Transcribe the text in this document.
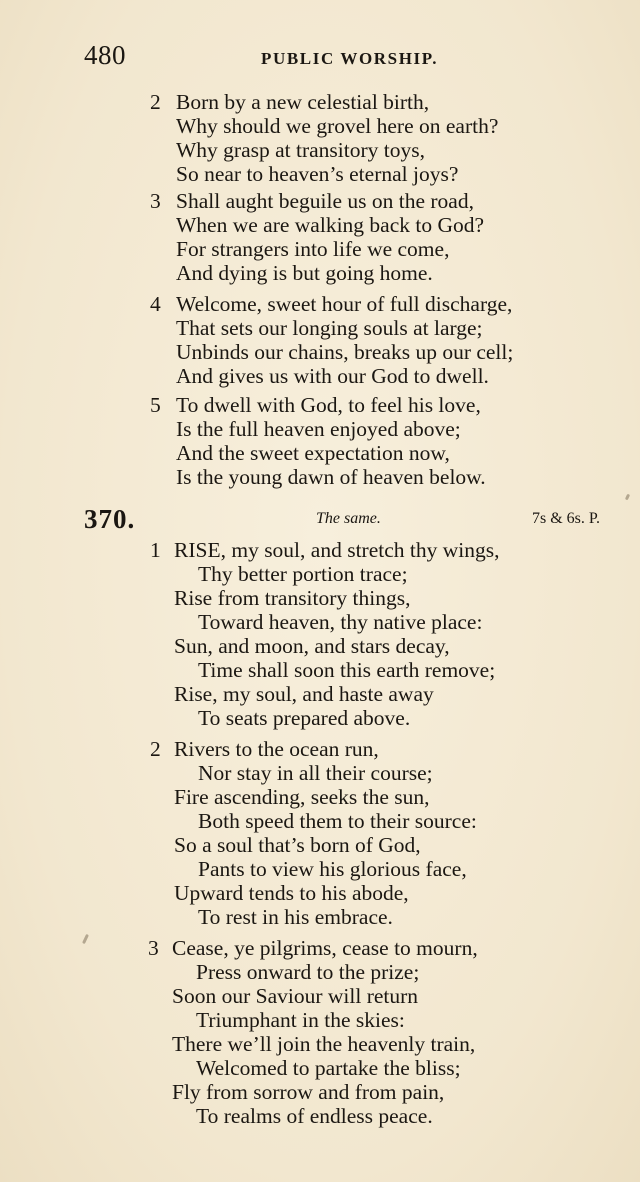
480	PUBLIC WORSHIP.
2 Born by a new celestial birth,
Why should we grovel here on earth?
Why grasp at transitory toys,
So near to heaven’s eternal joys?
3 Shall aught beguile us on the road,
When we are walking back to God?
For strangers into life we come,
And dying is but going home.
4 Welcome, sweet hour of full discharge,
That sets our longing souls at large;
Unbinds our chains, breaks up our cell;
And gives us with our God to dwell.
5 To dwell with God, to feel his love,
Is the full heaven enjoyed above;
And the sweet expectation now,
Is the young dawn of heaven below.
370.	The same.	7s & 6s. P.
1 RISE, my soul, and stretch thy wings,
Thy better portion trace;
Rise from transitory things,
Toward heaven, thy native place:
Sun, and moon, and stars decay,
Time shall soon this earth remove;
Rise, my soul, and haste away
To seats prepared above.
2 Rivers to the ocean run,
Nor stay in all their course;
Fire ascending, seeks the sun,
Both speed them to their source:
So a soul that’s born of God,
Pants to view his glorious face,
Upward tends to his abode,
To rest in his embrace.
3 Cease, ye pilgrims, cease to mourn,
Press onward to the prize;
Soon our Saviour will return
Triumphant in the skies:
There we’ll join the heavenly train,
Welcomed to partake the bliss;
Fly from sorrow and from pain,
To realms of endless peace.
